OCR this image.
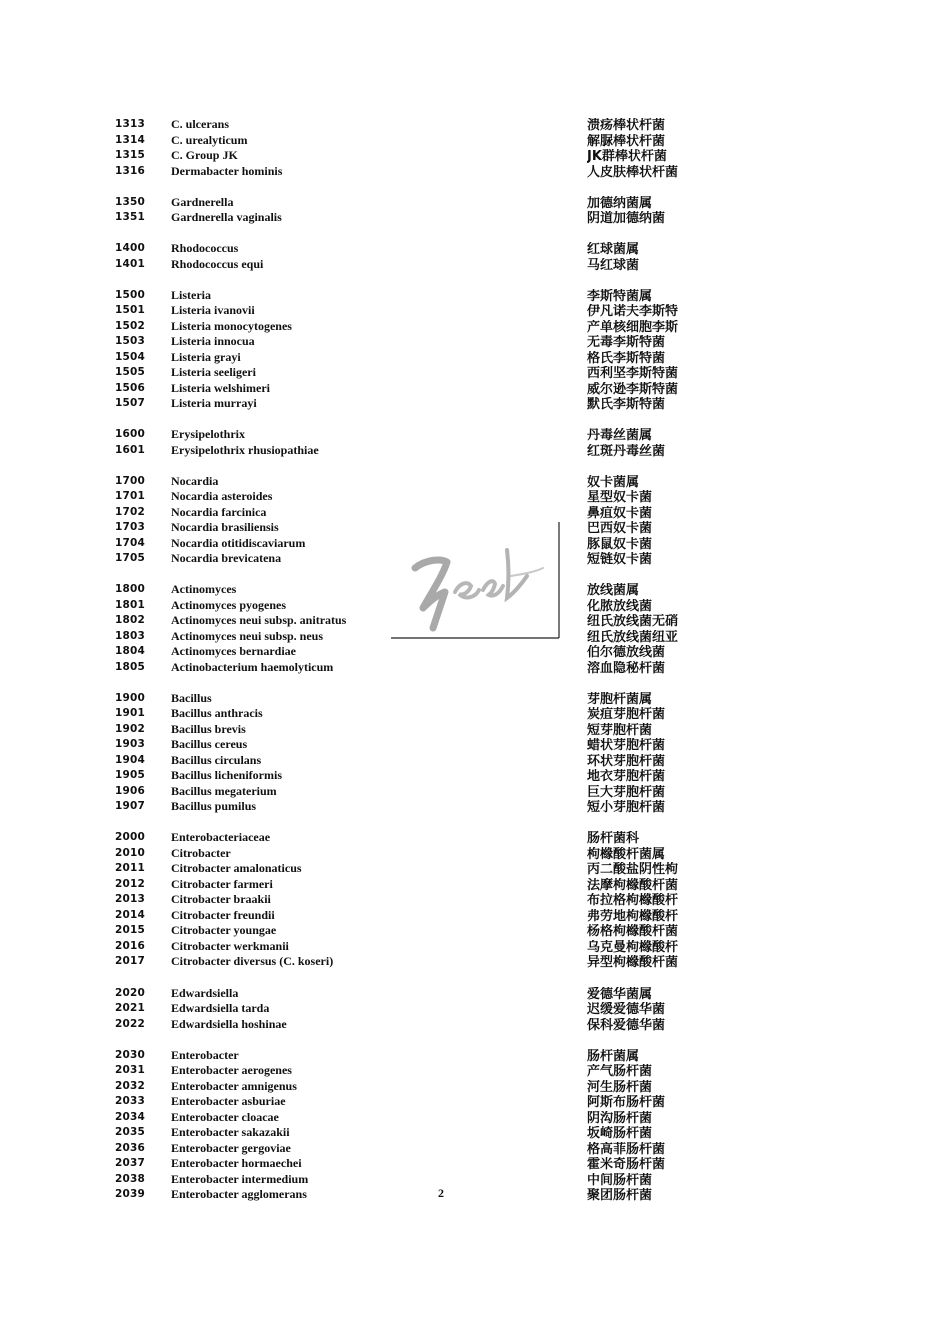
1313 C. ulcerans	溃疡棒状杆菌
1314 C. urealyticum	解脲棒状杆菌
1315 C. Group JK	JK群棒状杆菌
1316 Dermabacter hominis	人皮肤棒状杆菌
1350 Gardnerella	加德纳菌属
1351 Gardnerella vaginalis	阴道加德纳菌
1400 Rhodococcus	红球菌属
1401 Rhodococcus equi	马红球菌
1500 Listeria	李斯特菌属
1501 Listeria ivanovii	伊凡诺夫李斯特
1502 Listeria monocytogenes	产单核细胞李斯
1503 Listeria innocua	无毒李斯特菌
1504 Listeria grayi	格氏李斯特菌
1505 Listeria seeligeri	西利坚李斯特菌
1506 Listeria welshimeri	威尔逊李斯特菌
1507 Listeria murrayi	默氏李斯特菌
1600 Erysipelothrix	丹毒丝菌属
1601 Erysipelothrix rhusiopathiae	红斑丹毒丝菌
1700 Nocardia	奴卡菌属
1701 Nocardia asteroides	星型奴卡菌
1702 Nocardia farcinica	鼻疽奴卡菌
1703 Nocardia brasiliensis	巴西奴卡菌
1704 Nocardia otitidiscaviarum	豚鼠奴卡菌
1705 Nocardia brevicatena	短链奴卡菌
1800 Actinomyces	放线菌属
1801 Actinomyces pyogenes	化脓放线菌
1802 Actinomyces neui subsp. anitratus	纽氏放线菌无硝
1803 Actinomyces neui subsp. neus	纽氏放线菌纽亚
1804 Actinomyces bernardiae	伯尔德放线菌
1805 Actinobacterium haemolyticum	溶血隐秘杆菌
1900 Bacillus	芽胞杆菌属
1901 Bacillus anthracis	炭疽芽胞杆菌
1902 Bacillus brevis	短芽胞杆菌
1903 Bacillus cereus	蜡状芽胞杆菌
1904 Bacillus circulans	环状芽胞杆菌
1905 Bacillus licheniformis	地衣芽胞杆菌
1906 Bacillus megaterium	巨大芽胞杆菌
1907 Bacillus pumilus	短小芽胞杆菌
2000 Enterobacteriaceae	肠杆菌科
2010 Citrobacter	枸橼酸杆菌属
2011 Citrobacter amalonaticus	丙二酸盐阴性枸
2012 Citrobacter farmeri	法摩枸橼酸杆菌
2013 Citrobacter braakii	布拉格枸橼酸杆
2014 Citrobacter freundii	弗劳地枸橼酸杆
2015 Citrobacter youngae	杨格枸橼酸杆菌
2016 Citrobacter werkmanii	乌克曼枸橼酸杆
2017 Citrobacter diversus (C. koseri)	异型枸橼酸杆菌
2020 Edwardsiella	爱德华菌属
2021 Edwardsiella tarda	迟缓爱德华菌
2022 Edwardsiella hoshinae	保科爱德华菌
2030 Enterobacter	肠杆菌属
2031 Enterobacter aerogenes	产气肠杆菌
2032 Enterobacter amnigenus	河生肠杆菌
2033 Enterobacter asburiae	阿斯布肠杆菌
2034 Enterobacter cloacae	阴沟肠杆菌
2035 Enterobacter sakazakii	坂崎肠杆菌
2036 Enterobacter gergoviae	格高菲肠杆菌
2037 Enterobacter hormaechei	霍米奇肠杆菌
2038 Enterobacter intermedium	中间肠杆菌
2039 Enterobacter agglomerans	聚团肠杆菌
2
